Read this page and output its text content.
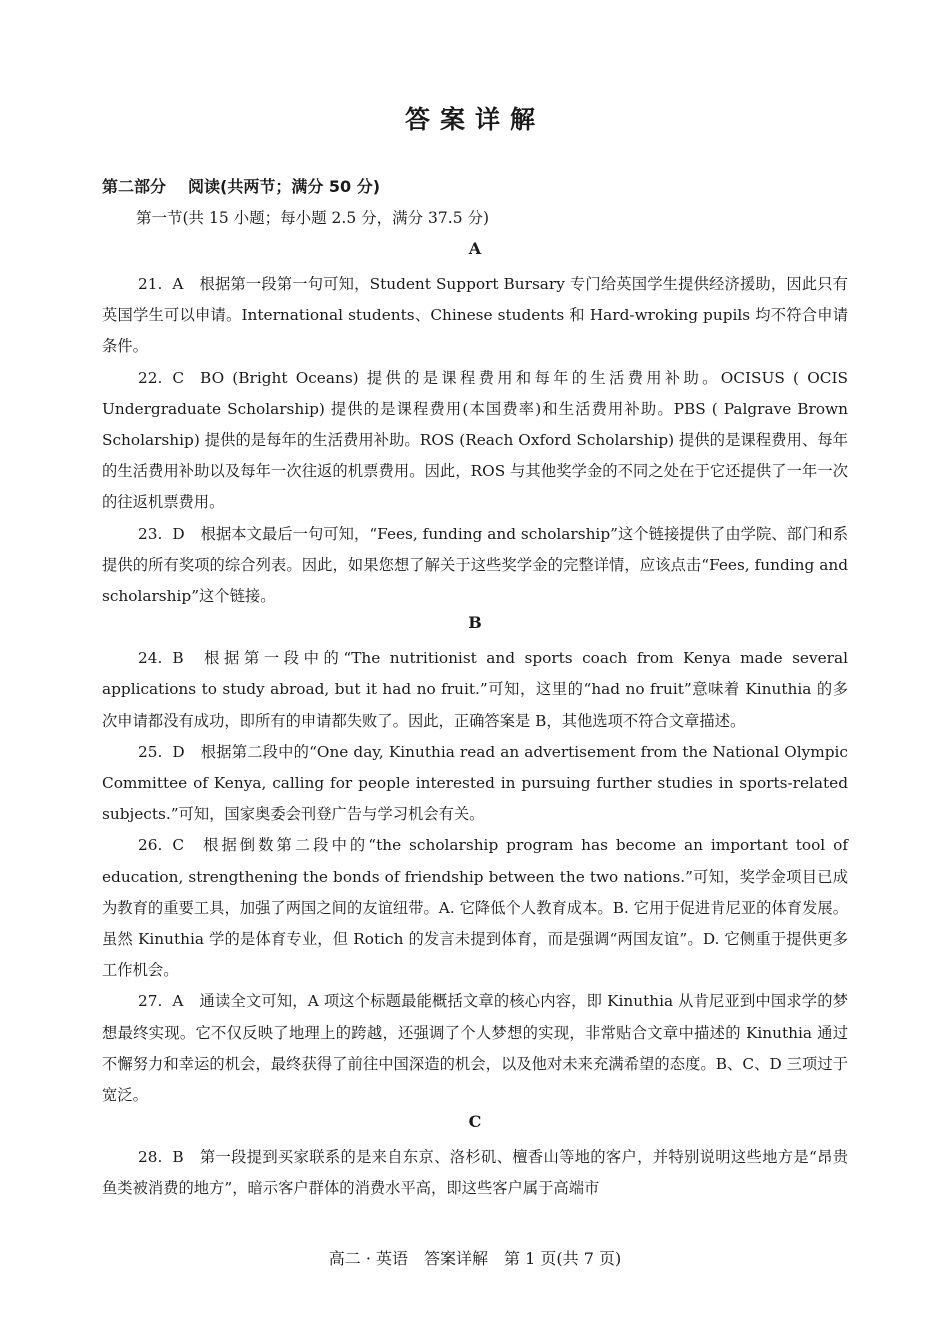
答案详解
第二部分 阅读(共两节；满分 50 分)
第一节(共 15 小题；每小题 2.5 分，满分 37.5 分)
A

21. A 根据第一段第一句可知，Student Support Bursary 专门给英国学生提供经济援助，因此只有英国学生可以申请。International students、Chinese students 和 Hard-wroking pupils 均不符合申请条件。

22. C BO (Bright Oceans) 提供的是课程费用和每年的生活费用补助。OCISUS ( OCIS Undergraduate Scholarship) 提供的是课程费用(本国费率)和生活费用补助。PBS ( Palgrave Brown Scholarship) 提供的是每年的生活费用补助。ROS (Reach Oxford Scholarship) 提供的是课程费用、每年的生活费用补助以及每年一次往返的机票费用。因此，ROS 与其他奖学金的不同之处在于它还提供了一年一次的往返机票费用。

23. D 根据本文最后一句可知，“Fees, funding and scholarship”这个链接提供了由学院、部门和系提供的所有奖项的综合列表。因此，如果您想了解关于这些奖学金的完整详情，应该点击“Fees, funding and scholarship”这个链接。

B

24. B 根据第一段中的“The nutritionist and sports coach from Kenya made several applications to study abroad, but it had no fruit.”可知，这里的“had no fruit”意味着 Kinuthia 的多次申请都没有成功，即所有的申请都失败了。因此，正确答案是 B，其他选项不符合文章描述。

25. D 根据第二段中的“One day, Kinuthia read an advertisement from the National Olympic Committee of Kenya, calling for people interested in pursuing further studies in sports-related subjects.”可知，国家奥委会刊登广告与学习机会有关。

26. C 根据倒数第二段中的“the scholarship program has become an important tool of education, strengthening the bonds of friendship between the two nations.”可知，奖学金项目已成为教育的重要工具，加强了两国之间的友谊纽带。A. 它降低个人教育成本。B. 它用于促进肯尼亚的体育发展。虽然 Kinuthia 学的是体育专业，但 Rotich 的发言未提到体育，而是强调“两国友谊”。D. 它侧重于提供更多工作机会。

27. A 通读全文可知，A 项这个标题最能概括文章的核心内容，即 Kinuthia 从肯尼亚到中国求学的梦想最终实现。它不仅反映了地理上的跨越，还强调了个人梦想的实现，非常贴合文章中描述的 Kinuthia 通过不懈努力和幸运的机会，最终获得了前往中国深造的机会，以及他对未来充满希望的态度。B、C、D 三项过于宽泛。

C

28. B 第一段提到买家联系的是来自东京、洛杉矶、檀香山等地的客户，并特别说明这些地方是“昂贵鱼类被消费的地方”，暗示客户群体的消费水平高，即这些客户属于高端市

高二 · 英语　答案详解　第 1 页(共 7 页)
